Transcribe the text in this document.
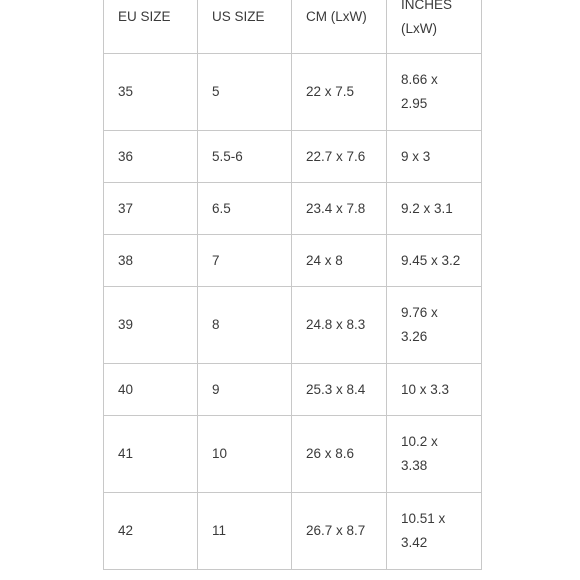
EU SIZE	US SIZE	CM (LxW)	INCHES (LxW)
35	5	22 x 7.5	8.66 x 2.95
36	5.5-6	22.7 x 7.6	9 x 3
37	6.5	23.4 x 7.8	9.2 x 3.1
38	7	24 x 8	9.45 x 3.2
39	8	24.8 x 8.3	9.76 x 3.26
40	9	25.3 x 8.4	10 x 3.3
41	10	26 x 8.6	10.2 x 3.38
42	11	26.7 x 8.7	10.51 x 3.42
